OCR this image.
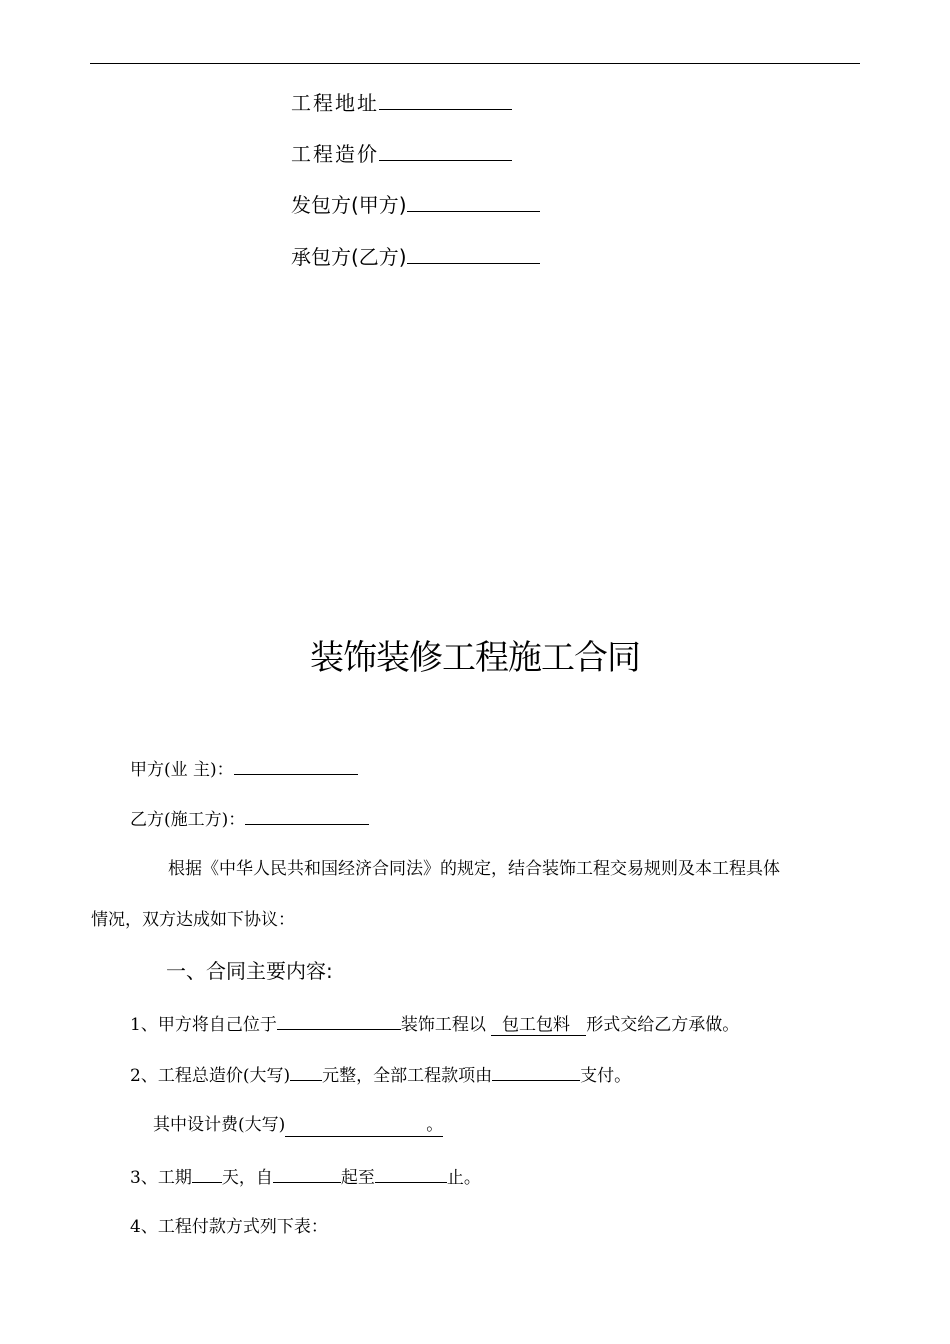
工程地址
工程造价
发包方(甲方)
承包方(乙方)
装饰装修工程施工合同
甲方(业 主)：
乙方(施工方)：
根据《中华人民共和国经济合同法》的规定，结合装饰工程交易规则及本工程具体
情况，双方达成如下协议：
一、合同主要内容:
1、甲方将自己位于	装饰工程以   包工包料 形式交给乙方承做。
2、工程总造价(大写) 元整，全部工程款项由	支付。
其中设计费(大写)	。
3、工期 天，自	起至	止。
4、工程付款方式列下表：
